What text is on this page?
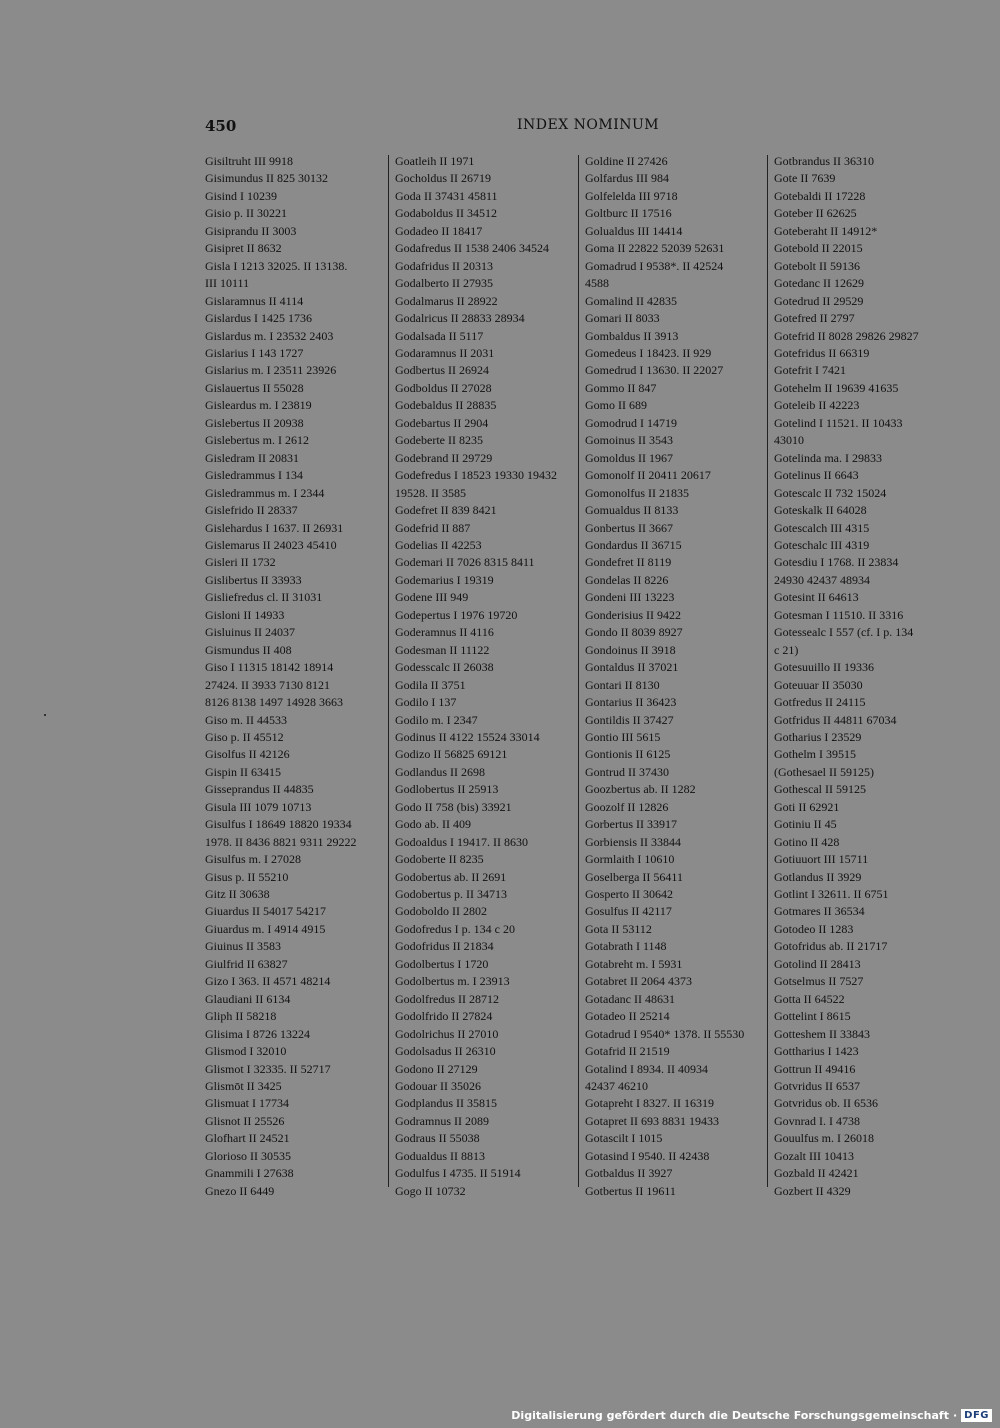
450	INDEX NOMINUM
Gisiltruht III 9918
Gisimundus II 825 30132
Gisind I 10239
Gisio p. II 30221
Gisiprandu II 3003
Gisipret II 8632
Gisla I 1213 32025. II 13138.
III 10111
Gislaramnus II 4114
Gislardus I 1425 1736
Gislardus m. I 23532 2403
Gislarius I 143 1727
Gislarius m. I 23511 23926
Gislauertus II 55028
Gisleardus m. I 23819
Gislebertus II 20938
Gislebertus m. I 2612
Gisledram II 20831
Gisledrammus I 134
Gisledrammus m. I 2344
Gislefrido II 28337
Gislehardus I 1637. II 26931
Gislemarus II 24023 45410
Gisleri II 1732
Gislibertus II 33933
Gisliefredus cl. II 31031
Gisloni II 14933
Gisluinus II 24037
Gismundus II 408
Giso I 11315 18142 18914
27424. II 3933 7130 8121
8126 8138 1497 14928 3663
Giso m. II 44533
Giso p. II 45512
Gisolfus II 42126
Gispin II 63415
Gisseprandus II 44835
Gisula III 1079 10713
Gisulfus I 18649 18820 19334
1978. II 8436 8821 9311 29222
Gisulfus m. I 27028
Gisus p. II 55210
Gitz II 30638
Giuardus II 54017 54217
Giuardus m. I 4914 4915
Giuinus II 3583
Giulfrid II 63827
Gizo I 363. II 4571 48214
Glaudiani II 6134
Gliph II 58218
Glisima I 8726 13224
Glismod I 32010
Glismot I 32335. II 52717
Glismōt II 3425
Glismuat I 17734
Glisnot II 25526
Glofhart II 24521
Glorioso II 30535
Gnammili I 27638
Gnezo II 6449
Goatleih II 1971
Gocholdus II 26719
Goda II 37431 45811
Godaboldus II 34512
Godadeo II 18417
Godafredus II 1538 2406 34524
Godafridus II 20313
Godalberto II 27935
Godalmarus II 28922
Godalricus II 28833 28934
Godalsada II 5117
Godaramnus II 2031
Godbertus II 26924
Godboldus II 27028
Godebaldus II 28835
Godebartus II 2904
Godeberte II 8235
Godebrand II 29729
Godefredus I 18523 19330 19432
19528. II 3585
Godefret II 839 8421
Godefrid II 887
Godelias II 42253
Godemari II 7026 8315 8411
Godemarius I 19319
Godene III 949
Godepertus I 1976 19720
Goderamnus II 4116
Godesman II 11122
Godesscalc II 26038
Godila II 3751
Godilo I 137
Godilo m. I 2347
Godinus II 4122 15524 33014
Godizo II 56825 69121
Godlandus II 2698
Godlobertus II 25913
Godo II 758 (bis) 33921
Godo ab. II 409
Godoaldus I 19417. II 8630
Godoberte II 8235
Godobertus ab. II 2691
Godobertus p. II 34713
Godoboldo II 2802
Godofredus I p. 134 c 20
Godofridus II 21834
Godolbertus I 1720
Godolbertus m. I 23913
Godolfredus II 28712
Godolfrido II 27824
Godolrichus II 27010
Godolsadus II 26310
Godono II 27129
Godouar II 35026
Godplandus II 35815
Godramnus II 2089
Godraus II 55038
Godualdus II 8813
Godulfus I 4735. II 51914
Gogo II 10732
Goldine II 27426
Golfardus III 984
Golfelelda III 9718
Goltburc II 17516
Golualdus III 14414
Goma II 22822 52039 52631
Gomadrud I 9538*. II 42524
4588
Gomalind II 42835
Gomari II 8033
Gombaldus II 3913
Gomedeus I 18423. II 929
Gomedrud I 13630. II 22027
Gommo II 847
Gomo II 689
Gomodrud I 14719
Gomoinus II 3543
Gomoldus II 1967
Gomonolf II 20411 20617
Gomonolfus II 21835
Gomualdus II 8133
Gonbertus II 3667
Gondardus II 36715
Gondefret II 8119
Gondelas II 8226
Gondeni III 13223
Gonderisius II 9422
Gondo II 8039 8927
Gondoinus II 3918
Gontaldus II 37021
Gontari II 8130
Gontarius II 36423
Gontildis II 37427
Gontio III 5615
Gontionis II 6125
Gontrud II 37430
Goozbertus ab. II 1282
Goozolf II 12826
Gorbertus II 33917
Gorbiensis II 33844
Gormlaith I 10610
Goselberga II 56411
Gosperto II 30642
Gosulfus II 42117
Gota II 53112
Gotabrath I 1148
Gotabreht m. I 5931
Gotabret II 2064 4373
Gotadanc II 48631
Gotadeo II 25214
Gotadrud I 9540* 1378. II 55530
Gotafrid II 21519
Gotalind I 8934. II 40934
42437 46210
Gotapreht I 8327. II 16319
Gotapret II 693 8831 19433
Gotascilt I 1015
Gotasind I 9540. II 42438
Gotbaldus II 3927
Gotbertus II 19611
Gotbrandus II 36310
Gote II 7639
Gotebaldi II 17228
Goteber II 62625
Goteberaht II 14912*
Gotebold II 22015
Gotebolt II 59136
Gotedanc II 12629
Gotedrud II 29529
Gotefred II 2797
Gotefrid II 8028 29826 29827
Gotefridus II 66319
Gotefrit I 7421
Gotehelm II 19639 41635
Goteleib II 42223
Gotelind I 11521. II 10433
43010
Gotelinda ma. I 29833
Gotelinus II 6643
Gotescalc II 732 15024
Goteskalk II 64028
Gotescalch III 4315
Goteschalc III 4319
Gotesdiu I 1768. II 23834
24930 42437 48934
Gotesint II 64613
Gotesman I 11510. II 3316
Gotessealc I 557 (cf. I p. 134
c 21)
Gotesuuillo II 19336
Goteuuar II 35030
Gotfredus II 24115
Gotfridus II 44811 67034
Gotharius I 23529
Gothelm I 39515
(Gothesael II 59125)
Gothescal II 59125
Goti II 62921
Gotiniu II 45
Gotino II 428
Gotiuuort III 15711
Gotlandus II 3929
Gotlint I 32611. II 6751
Gotmares II 36534
Gotodeo II 1283
Gotofridus ab. II 21717
Gotolind II 28413
Gotselmus II 7527
Gotta II 64522
Gottelint I 8615
Gotteshem II 33843
Gottharius I 1423
Gottrun II 49416
Gotvridus II 6537
Gotvridus ob. II 6536
Govnrad I. I 4738
Gouulfus m. I 26018
Gozalt III 10413
Gozbald II 42421
Gozbert II 4329
Digitalisierung gefördert durch die Deutsche Forschungsgemeinschaft · DFG
